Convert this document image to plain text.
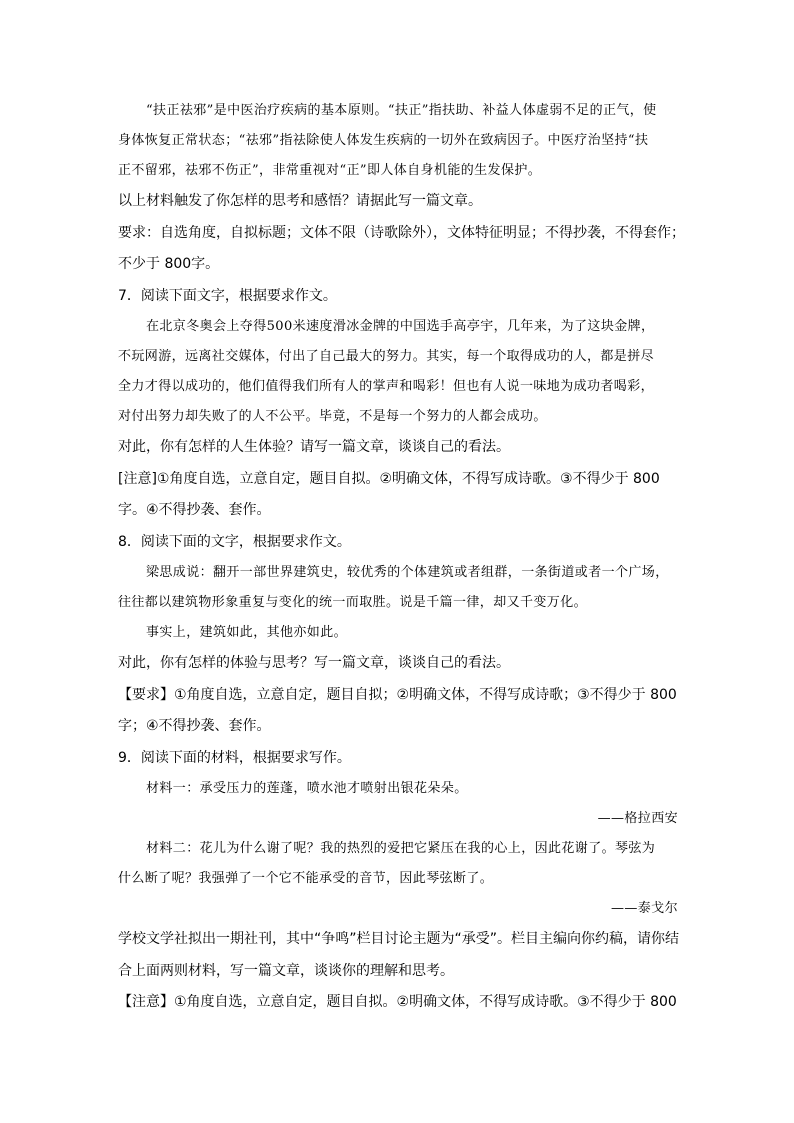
“扶正祛邪”是中医治疗疾病的基本原则。“扶正”指扶助、补益人体虚弱不足的正气，使
身体恢复正常状态；“祛邪”指祛除使人体发生疾病的一切外在致病因子。中医疗治坚持“扶
正不留邪，祛邪不伤正”，非常重视对“正”即人体自身机能的生发保护。
以上材料触发了你怎样的思考和感悟？请据此写一篇文章。
要求：自选角度，自拟标题；文体不限（诗歌除外），文体特征明显；不得抄袭，不得套作；
不少于 800字。
7．阅读下面文字，根据要求作文。
在北京冬奥会上夺得500米速度滑冰金牌的中国选手高亭宇，几年来，为了这块金牌，
不玩网游，远离社交媒体，付出了自己最大的努力。其实，每一个取得成功的人，都是拼尽
全力才得以成功的，他们值得我们所有人的掌声和喝彩！但也有人说一味地为成功者喝彩，
对付出努力却失败了的人不公平。毕竟，不是每一个努力的人都会成功。
对此，你有怎样的人生体验？请写一篇文章，谈谈自己的看法。
[注意]①角度自选，立意自定，题目自拟。②明确文体，不得写成诗歌。③不得少于 800
字。④不得抄袭、套作。
8．阅读下面的文字，根据要求作文。
梁思成说：翻开一部世界建筑史，较优秀的个体建筑或者组群，一条街道或者一个广场，
往往都以建筑物形象重复与变化的统一而取胜。说是千篇一律，却又千变万化。
事实上，建筑如此，其他亦如此。
对此，你有怎样的体验与思考？写一篇文章，谈谈自己的看法。
【要求】①角度自选，立意自定，题目自拟；②明确文体，不得写成诗歌；③不得少于 800
字；④不得抄袭、套作。
9．阅读下面的材料，根据要求写作。
材料一：承受压力的莲蓬，喷水池才喷射出银花朵朵。
——格拉西安
材料二：花儿为什么谢了呢？我的热烈的爱把它紧压在我的心上，因此花谢了。琴弦为
什么断了呢？我强弹了一个它不能承受的音节，因此琴弦断了。
——泰戈尔
学校文学社拟出一期社刊，其中“争鸣”栏目讨论主题为“承受”。栏目主编向你约稿，请你结
合上面两则材料，写一篇文章，谈谈你的理解和思考。
【注意】①角度自选，立意自定，题目自拟。②明确文体，不得写成诗歌。③不得少于 800
